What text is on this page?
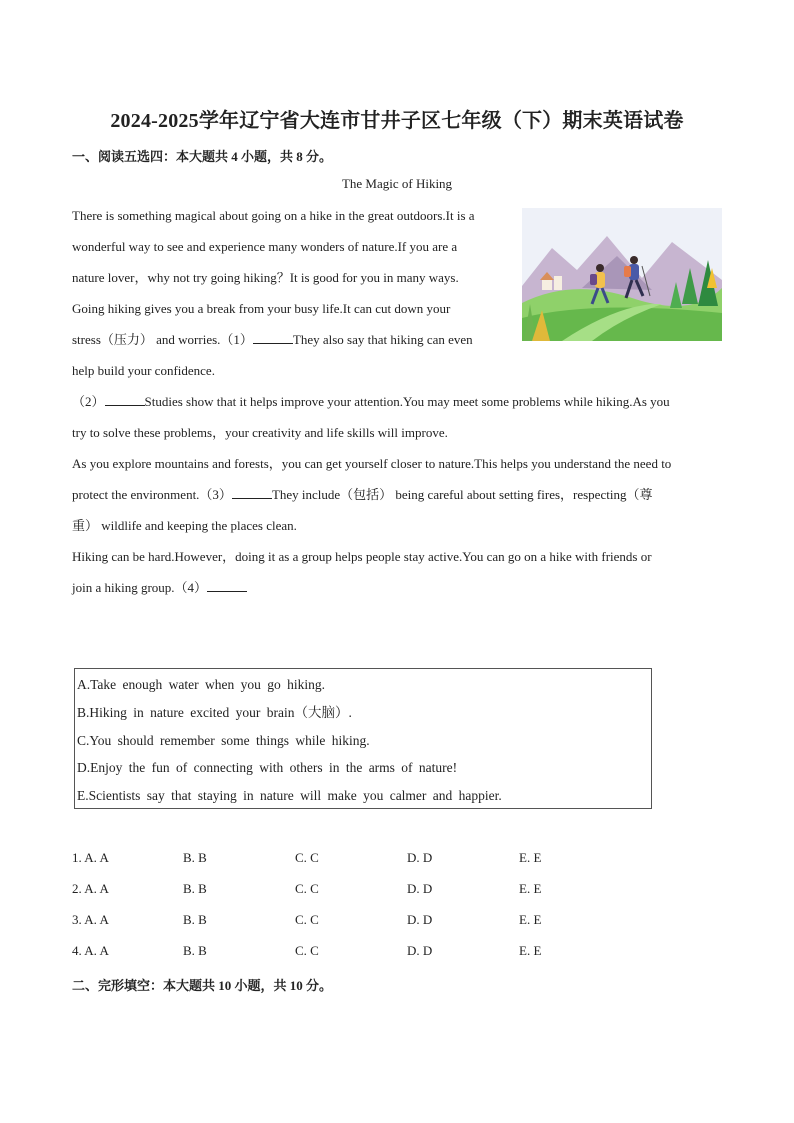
2024-2025学年辽宁省大连市甘井子区七年级（下）期末英语试卷
一、阅读五选四：本大题共 4 小题，共 8 分。
The Magic of Hiking
There is something magical about going on a hike in the great outdoors.It is a
wonderful way to see and experience many wonders of nature.If you are a
nature lover，why not try going hiking？It is good for you in many ways.
Going hiking gives you a break from your busy life.It can cut down your
stress（压力） and worries.（1）	They also say that hiking can even
help build your confidence.
（2）	Studies show that it helps improve your attention.You may meet some problems while hiking.As you
try to solve these problems，your creativity and life skills will improve.
As you explore mountains and forests，you can get yourself closer to nature.This helps you understand the need to
protect the environment.（3）	They include（包括） being careful about setting fires，respecting（尊
重） wildlife and keeping the places clean.
Hiking can be hard.However，doing it as a group helps people stay active.You can go on a hike with friends or
join a hiking group.（4）
A.Take enough water when you go hiking.
B.Hiking in nature excited your brain（大脑）.
C.You should remember some things while hiking.
D.Enjoy the fun of connecting with others in the arms of nature!
E.Scientists say that staying in nature will make you calmer and happier.
1. A. A	B. B	C. C	D. D	E. E
2. A. A	B. B	C. C	D. D	E. E
3. A. A	B. B	C. C	D. D	E. E
4. A. A	B. B	C. C	D. D	E. E
二、完形填空：本大题共 10 小题，共 10 分。
